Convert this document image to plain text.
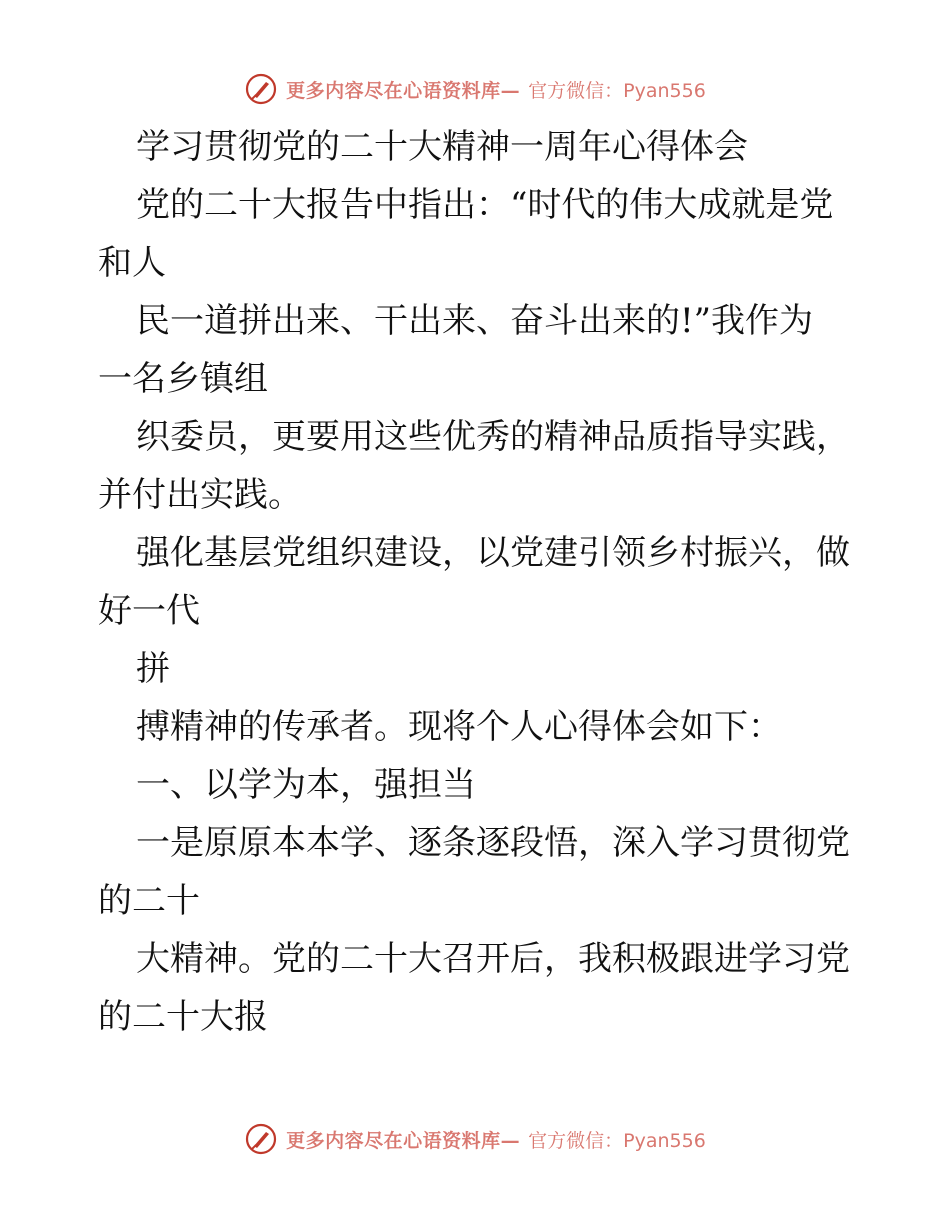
更多内容尽在心语资料库— 官方微信：Pyan556
学习贯彻党的二十大精神一周年心得体会
党的二十大报告中指出：“时代的伟大成就是党
和人
民一道拼出来、干出来、奋斗出来的!”我作为
一名乡镇组
织委员，更要用这些优秀的精神品质指导实践，
并付出实践。
强化基层党组织建设，以党建引领乡村振兴，做
好一代
拼
搏精神的传承者。现将个人心得体会如下：
一、以学为本，强担当
一是原原本本学、逐条逐段悟，深入学习贯彻党
的二十
大精神。党的二十大召开后，我积极跟进学习党
的二十大报
更多内容尽在心语资料库— 官方微信：Pyan556
